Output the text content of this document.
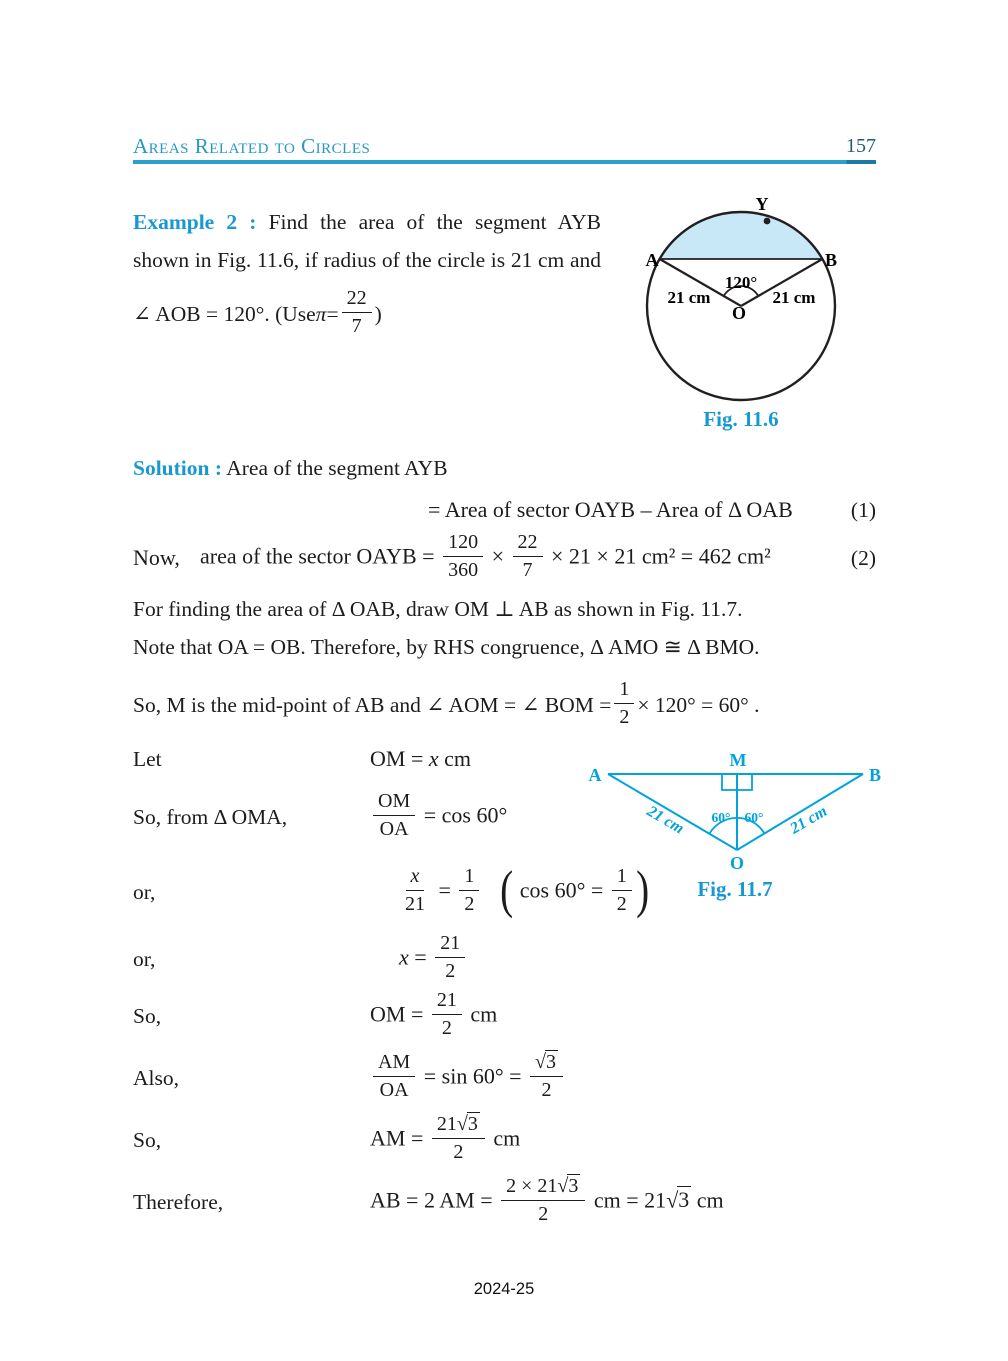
Areas Related to Circles	157
Example 2 : Find the area of the segment AYB
shown in Fig. 11.6, if radius of the circle is 21 cm and
∠ AOB = 120°. (Use $\pi = \frac{22}{7}$ )
Y
A	B
O
120°
21 cm	21 cm
Fig. 11.6
Solution : Area of the segment AYB
= Area of sector OAYB – Area of Δ OAB	(1)
Now, area of the sector OAYB = $\frac{120}{360} \times \frac{22}{7} \times 21 \times 21$ cm² = 462 cm²	(2)
For finding the area of Δ OAB, draw OM ⊥ AB as shown in Fig. 11.7.
Note that OA = OB. Therefore, by RHS congruence, Δ AMO ≅ Δ BMO.
So, M is the mid-point of AB and ∠ AOM = ∠ BOM = $\frac{1}{2} \times 120^\circ = 60^\circ$ .
A	B
M
O
60° 60°
21 cm	21 cm
Fig. 11.7
Let	OM = x cm
So, from Δ OMA,	$\frac{OM}{OA} = \cos 60^\circ$
or,	$\frac{x}{21} = \frac{1}{2}$ ( $\cos 60^\circ = \frac{1}{2}$ )
or,	$x = \frac{21}{2}$
So,	OM = $\frac{21}{2}$ cm
Also,	$\frac{AM}{OA} = \sin 60^\circ = \frac{√3}{2}$
So,	AM = $\frac{21√3}{2}$ cm
Therefore,	AB = 2 AM = $\frac{2 \times 21√3}{2}$ cm = 21√3 cm
2024-25
